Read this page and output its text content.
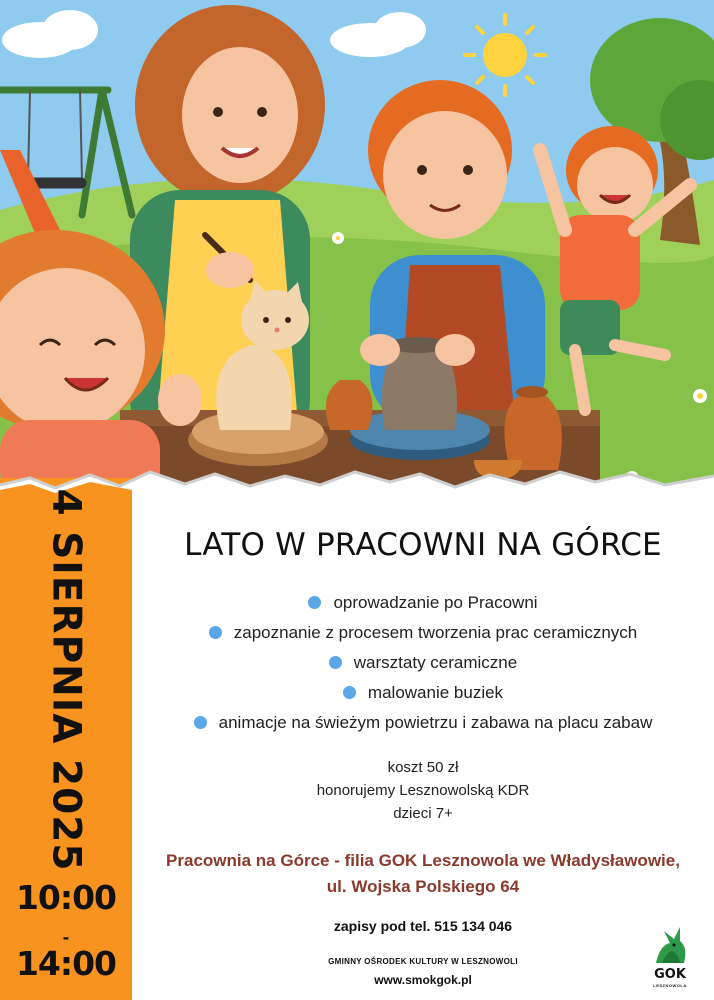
4 SIERPNIA 2025
10:00
-
14:00
LATO W PRACOWNI NA GÓRCE
oprowadzanie po Pracowni
zapoznanie z procesem tworzenia prac ceramicznych
warsztaty ceramiczne
malowanie buziek
animacje na świeżym powietrzu i zabawa na placu zabaw
koszt 50 zł
honorujemy Lesznowolską KDR
dzieci 7+
Pracownia na Górce - filia GOK Lesznowola we Władysławowie,
ul. Wojska Polskiego 64
zapisy pod tel. 515 134 046
GMINNY OŚRODEK KULTURY W LESZNOWOLI
www.smokgok.pl	GOK
LESZNOWOLA
